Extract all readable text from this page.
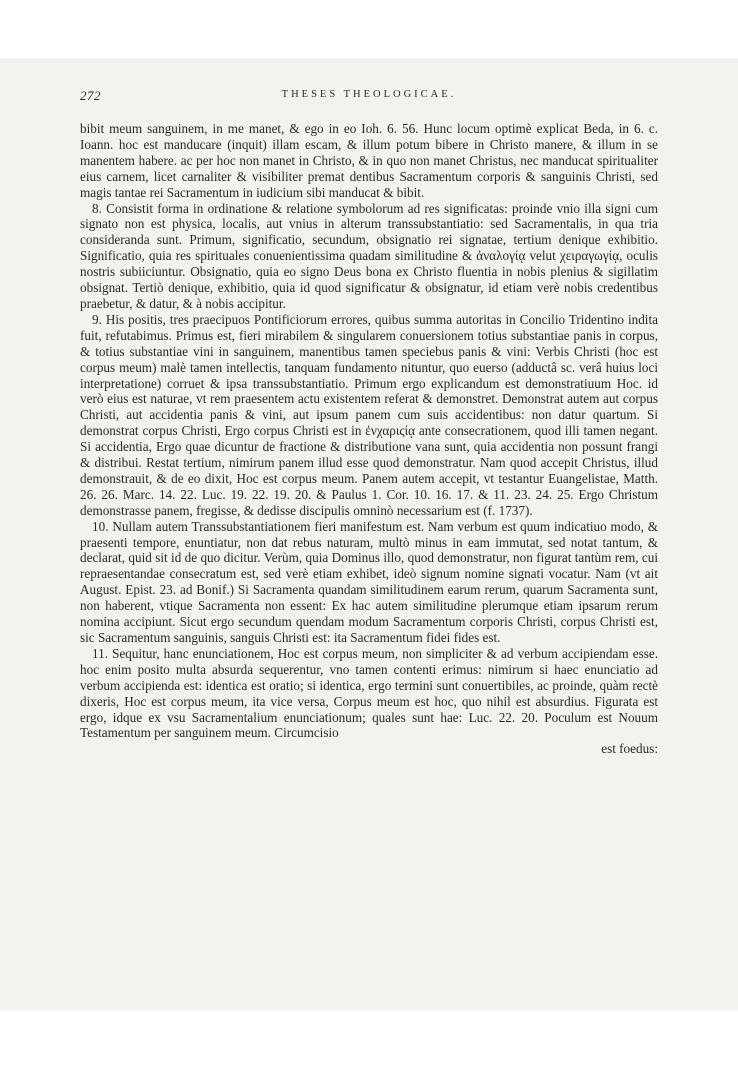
272	THESES THEOLOGICAE.

bibit meum sanguinem, in me manet, & ego in eo Ioh. 6. 56. Hunc locum optimè explicat Beda, in 6. c. Ioann. hoc est manducare (inquit) illam escam, & illum potum bibere in Christo manere, & illum in se manentem habere. ac per hoc non manet in Christo, & in quo non manet Christus, nec manducat spiritualiter eius carnem, licet carnaliter & visibiliter premat dentibus Sacramentum corporis & sanguinis Christi, sed magis tantae rei Sacramentum in iudicium sibi manducat & bibit.

8. Consistit forma in ordinatione & relatione symbolorum ad res significatas: proinde vnio illa signi cum signato non est physica, localis, aut vnius in alterum transsubstantiatio: sed Sacramentalis, in qua tria consideranda sunt. Primum, significatio, secundum, obsignatio rei signatae, tertium denique exhibitio. Significatio, quia res spirituales conuenientissima quadam similitudine & ἀναλογίᾳ velut χειραγωγίᾳ, oculis nostris subiiciuntur. Obsignatio, quia eo signo Deus bona ex Christo fluentia in nobis plenius & sigillatim obsignat. Tertiò denique, exhibitio, quia id quod significatur & obsignatur, id etiam verè nobis credentibus praebetur, & datur, & à nobis accipitur.

9. His positis, tres praecipuos Pontificiorum errores, quibus summa autoritas in Concilio Tridentino indita fuit, refutabimus. Primus est, fieri mirabilem & singularem conuersionem totius substantiae panis in corpus, & totius substantiae vini in sanguinem, manentibus tamen speciebus panis & vini: Verbis Christi (hoc est corpus meum) malè tamen intellectis, tanquam fundamento nituntur, quo euerso (adductâ sc. verâ huius loci interpretatione) corruet & ipsa transsubstantiatio. Primum ergo explicandum est demonstratiuum Hoc. id verò eius est naturae, vt rem praesentem actu existentem referat & demonstret. Demonstrat autem aut corpus Christi, aut accidentia panis & vini, aut ipsum panem cum suis accidentibus: non datur quartum. Si demonstrat corpus Christi, Ergo corpus Christi est in ἐνχαριςίᾳ ante consecrationem, quod illi tamen negant. Si accidentia, Ergo quae dicuntur de fractione & distributione vana sunt, quia accidentia non possunt frangi & distribui. Restat tertium, nimirum panem illud esse quod demonstratur. Nam quod accepit Christus, illud demonstrauit, & de eo dixit, Hoc est corpus meum. Panem autem accepit, vt testantur Euangelistae, Matth. 26. 26. Marc. 14. 22. Luc. 19. 22. 19. 20. & Paulus 1. Cor. 10. 16. 17. & 11. 23. 24. 25. Ergo Christum demonstrasse panem, fregisse, & dedisse discipulis omninò necessarium est (f. 1737).

10. Nullam autem Transsubstantiationem fieri manifestum est. Nam verbum est quum indicatiuo modo, & praesenti tempore, enuntiatur, non dat rebus naturam, multò minus in eam immutat, sed notat tantum, & declarat, quid sit id de quo dicitur. Verùm, quia Dominus illo, quod demonstratur, non figurat tantùm rem, cui repraesentandae consecratum est, sed verè etiam exhibet, ideò signum nomine signati vocatur. Nam (vt ait August. Epist. 23. ad Bonif.) Si Sacramenta quandam similitudinem earum rerum, quarum Sacramenta sunt, non haberent, vtique Sacramenta non essent: Ex hac autem similitudine plerumque etiam ipsarum rerum nomina accipiunt. Sicut ergo secundum quendam modum Sacramentum corporis Christi, corpus Christi est, sic Sacramentum sanguinis, sanguis Christi est: ita Sacramentum fidei fides est.

11. Sequitur, hanc enunciationem, Hoc est corpus meum, non simpliciter & ad verbum accipiendam esse. hoc enim posito multa absurda sequerentur, vno tamen contenti erimus: nimirum si haec enunciatio ad verbum accipienda est: identica est oratio; si identica, ergo termini sunt conuertibiles, ac proinde, quàm rectè dixeris, Hoc est corpus meum, ita vice versa, Corpus meum est hoc, quo nihil est absurdius. Figurata est ergo, idque ex vsu Sacramentalium enunciationum; quales sunt hae: Luc. 22. 20. Poculum est Nouum Testamentum per sanguinem meum. Circumcisio

est foedus:
